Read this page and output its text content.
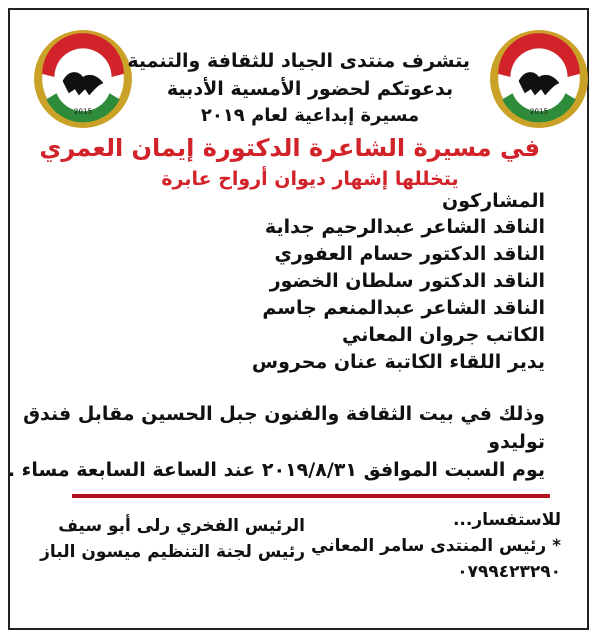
2015	2015
يتشرف منتدى الجياد للثقافة والتنمية
بدعوتكم لحضور الأمسية الأدبية
مسيرة إبداعية لعام ٢٠١٩
في مسيرة الشاعرة الدكتورة إيمان العمري
يتخللها إشهار ديوان أرواح عابرة
المشاركون
الناقد الشاعر عبدالرحيم جداية
الناقد الدكتور حسام العفوري
الناقد الدكتور سلطان الخضور
الناقد الشاعر عبدالمنعم جاسم
الكاتب جروان المعاني
يدير اللقاء الكاتبة عنان محروس
وذلك في بيت الثقافة والفنون جبل الحسين مقابل فندق
توليدو
يوم السبت الموافق ٢٠١٩/٨/٣١ عند الساعة السابعة مساء .
الرئيس الفخري رلى أبو سيف
رئيس لجنة التنظيم ميسون الباز
للاستفسار...
* رئيس المنتدى سامر المعاني
٠٧٩٩٤٢٣٢٩٠
